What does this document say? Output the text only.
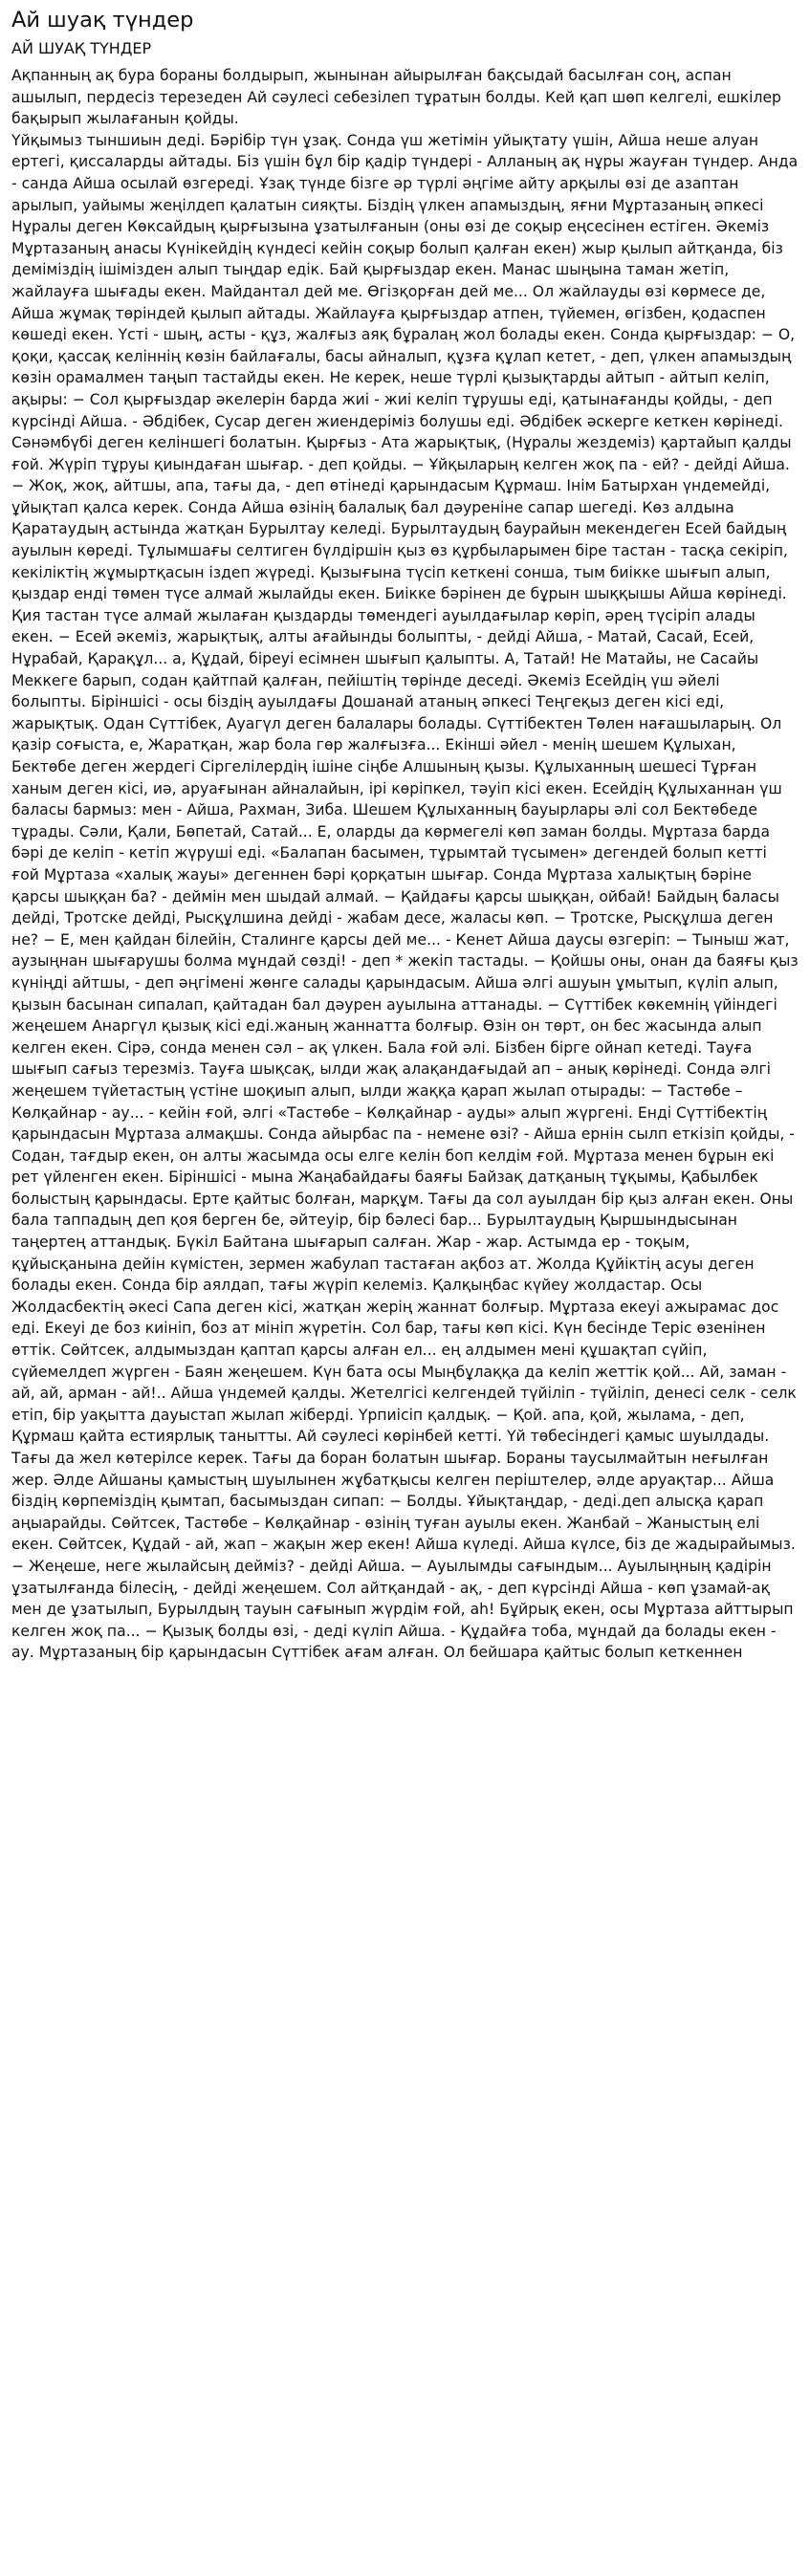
Ай шуақ түндер
АЙ ШУАҚ ТҮНДЕР
Ақпанның ақ бура бораны болдырып, жынынан айырылған бақсыдай басылған соң, аспан ашылып, пердесіз терезеден Ай сәулесі себезілеп тұратын болды. Кей қап шөп келгелі, ешкілер бақырып жылағанын қойды.
Үйқымыз тыншиын деді. Бәрібір түн ұзақ. Сонда үш жетімін уйықтату үшін, Айша неше алуан ертегі, қиссаларды айтады. Біз үшін бұл бір қадір түндері - Алланың ақ нұры жауған түндер. Анда - санда Айша осылай өзгереді. Ұзақ түнде бізге әр түрлі әңгіме айту арқылы өзі де азаптан арылып, уайымы жеңілдеп қалатын сияқты. Біздің үлкен апамыздың, яғни Мұртазаның әпкесі Нұралы деген Көксайдың қырғызына ұзатылғанын (оны өзі де соқыр еңсесінен естіген. Әкеміз Мұртазаның анасы Күнікейдің күндесі кейін соқыр болып қалған екен) жыр қылып айтқанда, біз деміміздің ішімізден алып тыңдар едік. Бай қырғыздар екен. Манас шыңына таман жетіп, жайлауға шығады екен. Майдантал дей ме. Өгізқорған дей ме... Ол жайлауды өзі көрмесе де, Айша жұмақ төріндей қылып айтады. Жайлауға қырғыздар атпен, түйемен, өгізбен, қодаспен көшеді екен. Үсті - шың, асты - құз, жалғыз аяқ бұралаң жол болады екен. Сонда қырғыздар: − О, қоқи, қассақ келіннің көзін байлағалы, басы айналып, құзға құлап кетет, - деп, үлкен апамыздың көзін орамалмен таңып тастайды екен. Не керек, неше түрлі қызықтарды айтып - айтып келіп, ақыры: − Сол қырғыздар әкелерін барда жиі - жиі келіп тұрушы еді, қатынағанды қойды, - деп күрсінді Айша. - Әбдібек, Сусар деген жиендеріміз болушы еді. Әбдібек әскерге кеткен көрінеді. Сәнәмбүбі деген келіншегі болатын. Қырғыз - Ата жарықтық, (Нұралы жездеміз) қартайып қалды ғой. Жүріп тұруы қиындаған шығар. - деп қойды. − Ұйқыларың келген жоқ па - ей? - дейді Айша. − Жоқ, жоқ, айтшы, апа, тағы да, - деп өтінеді қарындасым Құрмаш. Інім Батырхан үндемейді, ұйықтап қалса керек. Сонда Айша өзінің балалық бал дәуреніне сапар шегеді. Көз алдына Қаратаудың астында жатқан Бурылтау келеді. Бурылтаудың баурайын мекендеген Есей байдың ауылын көреді. Тұлымшағы селтиген бүлдіршін қыз өз құрбыларымен біре тастан - тасқа секіріп, кекіліктің жұмыртқасын іздеп жүреді. Қызығына түсіп кеткені сонша, тым биікке шығып алып, қыздар енді төмен түсе алмай жылайды екен. Биікке бәрінен де бұрын шыққышы Айша көрінеді. Қия тастан түсе алмай жылаған қыздарды төмендегі ауылдағылар көріп, әрең түсіріп алады екен. − Есей әкеміз, жарықтық, алты ағайынды болыпты, - дейді Айша, - Матай, Сасай, Есей, Нұрабай, Қарақұл... а, Құдай, біреуі есімнен шығып қалыпты. А, Татай! Не Матайы, не Сасайы Меккеге барып, содан қайтпай қалған, пейіштің төрінде деседі. Әкеміз Есейдің үш әйелі болыпты. Біріншісі - осы біздің ауылдағы Дошанай атаның әпкесі Теңгеқыз деген кісі еді, жарықтық. Одан Сүттібек, Ауагүл деген балалары болады. Сүттібектен Төлен нағашыларың. Ол қазір соғыста, е, Жаратқан, жар бола гөр жалғызға... Екінші әйел - менің шешем Құлыхан, Бектөбе деген жердегі Сіргелілердің ішіне сіңбе Алшының қызы. Құлыханның шешесі Тұрған ханым деген кісі, иә, аруағынан айналайын, ірі көріпкел, тәуіп кісі екен. Есейдің Құлыханнан үш баласы бармыз: мен - Айша, Рахман, Зиба. Шешем Құлыханның бауырлары әлі сол Бектөбеде тұрады. Сәли, Қали, Бөпетай, Сатай... Е, оларды да көрмегелі көп заман болды. Мұртаза барда бәрі де келіп - кетіп жүруші еді. «Балапан басымен, тұрымтай түсымен» дегендей болып кетті ғой Мұртаза «халық жауы» дегеннен бәрі қорқатын шығар. Сонда Мұртаза халықтың бәріне қарсы шыққан ба? - деймін мен шыдай алмай. − Қайдағы қарсы шыққан, ойбай! Байдың баласы дейді, Тротске дейді, Рысқұлшина дейді - жабам десе, жаласы көп. − Тротске, Рысқұлша деген не? − Е, мен қайдан білейін, Сталинге қарсы дей ме... - Кенет Айша даусы өзгеріп: − Тыныш жат, аузыңнан шығарушы болма мұндай сөзді! - деп * жекіп тастады. − Қойшы оны, онан да баяғы қыз күніңді айтшы, - деп әңгімені жөнге салады қарындасым. Айша әлгі ашуын ұмытып, күліп алып, қызын басынан сипалап, қайтадан бал дәурен ауылына аттанады. − Сүттібек көкемнің үйіндегі жеңешем Анаргүл қызық кісі еді.жаның жаннатта болғыр. Өзін он төрт, он бес жасында алып келген екен. Сірә, сонда менен сәл – ақ үлкен. Бала ғой әлі. Бізбен бірге ойнап кетеді. Тауға шығып сағыз терезміз. Тауға шықсақ, ылди жақ алақандағыдай ап – анық көрінеді. Сонда әлгі жеңешем түйетастың үстіне шоқиып алып, ылди жаққа қарап жылап отырады: − Тастөбе – Көлқайнар - ау... - кейін ғой, әлгі «Тастөбе – Көлқайнар - ауды» алып жүргені. Енді Сүттібектің қарындасын Мұртаза алмақшы. Сонда айырбас па - немене өзі? - Айша ернін сылп еткізіп қойды, - Содан, тағдыр екен, он алты жасымда осы елге келін боп келдім ғой. Мұртаза менен бұрын екі рет үйленген екен. Біріншісі - мына Жаңабайдағы баяғы Байзақ датқаның тұқымы, Қабылбек болыстың қарындасы. Ерте қайтыс болған, марқұм. Тағы да сол ауылдан бір қыз алған екен. Оны бала таппадың деп қоя берген бе, әйтеуір, бір бәлесі бар... Бурылтаудың Қыршындысынан таңертең аттандық. Бүкіл Байтана шығарып салған. Жар - жар. Астымда ер - тоқым, құйысқанына дейін күмістен, зермен жабулап тастаған ақбоз ат. Жолда Құйіктің асуы деген болады екен. Сонда бір аялдап, тағы жүріп келеміз. Қалқыңбас күйеу жолдастар. Осы Жолдасбектің әкесі Сапа деген кісі, жатқан жерің жаннат болғыр. Мұртаза екеуі ажырамас дос еді. Екеуі де боз киініп, боз ат мініп жүретін. Сол бар, тағы көп кісі. Күн бесінде Теріс өзенінен өттік. Сөйтсек, алдымыздан қаптап қарсы алған ел... ең алдымен мені құшақтап сүйіп, сүйемелдеп жүрген - Баян жеңешем. Күн бата осы Мыңбұлаққа да келіп жеттік қой... Ай, заман - ай, ай, арман - ай!.. Айша үндемей қалды. Жетелгісі келгендей түйіліп - түйіліп, денесі селк - селк етіп, бір уақытта дауыстап жылап жіберді. Үрпиісіп қалдық. − Қой. апа, қой, жылама, - деп, Құрмаш қайта естиярлық танытты. Ай сәулесі көрінбей кетті. Үй төбесіндегі қамыс шуылдады. Тағы да жел көтерілсе керек. Тағы да боран болатын шығар. Бораны таусылмайтын неғылған жер. Әлде Айшаны қамыстың шуылынен жұбатқысы келген періштелер, әлде аруақтар... Айша біздің көрпеміздің қымтап, басымыздан сипап: − Болды. Ұйықтаңдар, - деді.деп алысқа қарап аңыарайды. Сөйтсек, Тастөбе – Көлқайнар - өзінің туған ауылы екен. Жанбай – Жаныстың елі екен. Сөйтсек, Құдай - ай, жап – жақын жер екен! Айша күледі. Айша күлсе, біз де жадырайымыз. − Жеңеше, неге жылайсың дейміз? - дейді Айша. − Ауылымды сағындым... Ауылыңның қадірін ұзатылғанда білесің, - дейді жеңешем. Сол айтқандай - ақ, - деп күрсінді Айша - көп ұзамай-ақ мен де ұзатылып, Бурылдың тауын сағынып жүрдім ғой, аһ! Бұйрық екен, осы Мұртаза айттырып келген жоқ па... − Қызық болды өзі, - деді күліп Айша. - Құдайға тоба, мұндай да болады екен - ау. Мұртазаның бір қарындасын Сүттібек ағам алған. Ол бейшара қайтыс болып кеткеннен
